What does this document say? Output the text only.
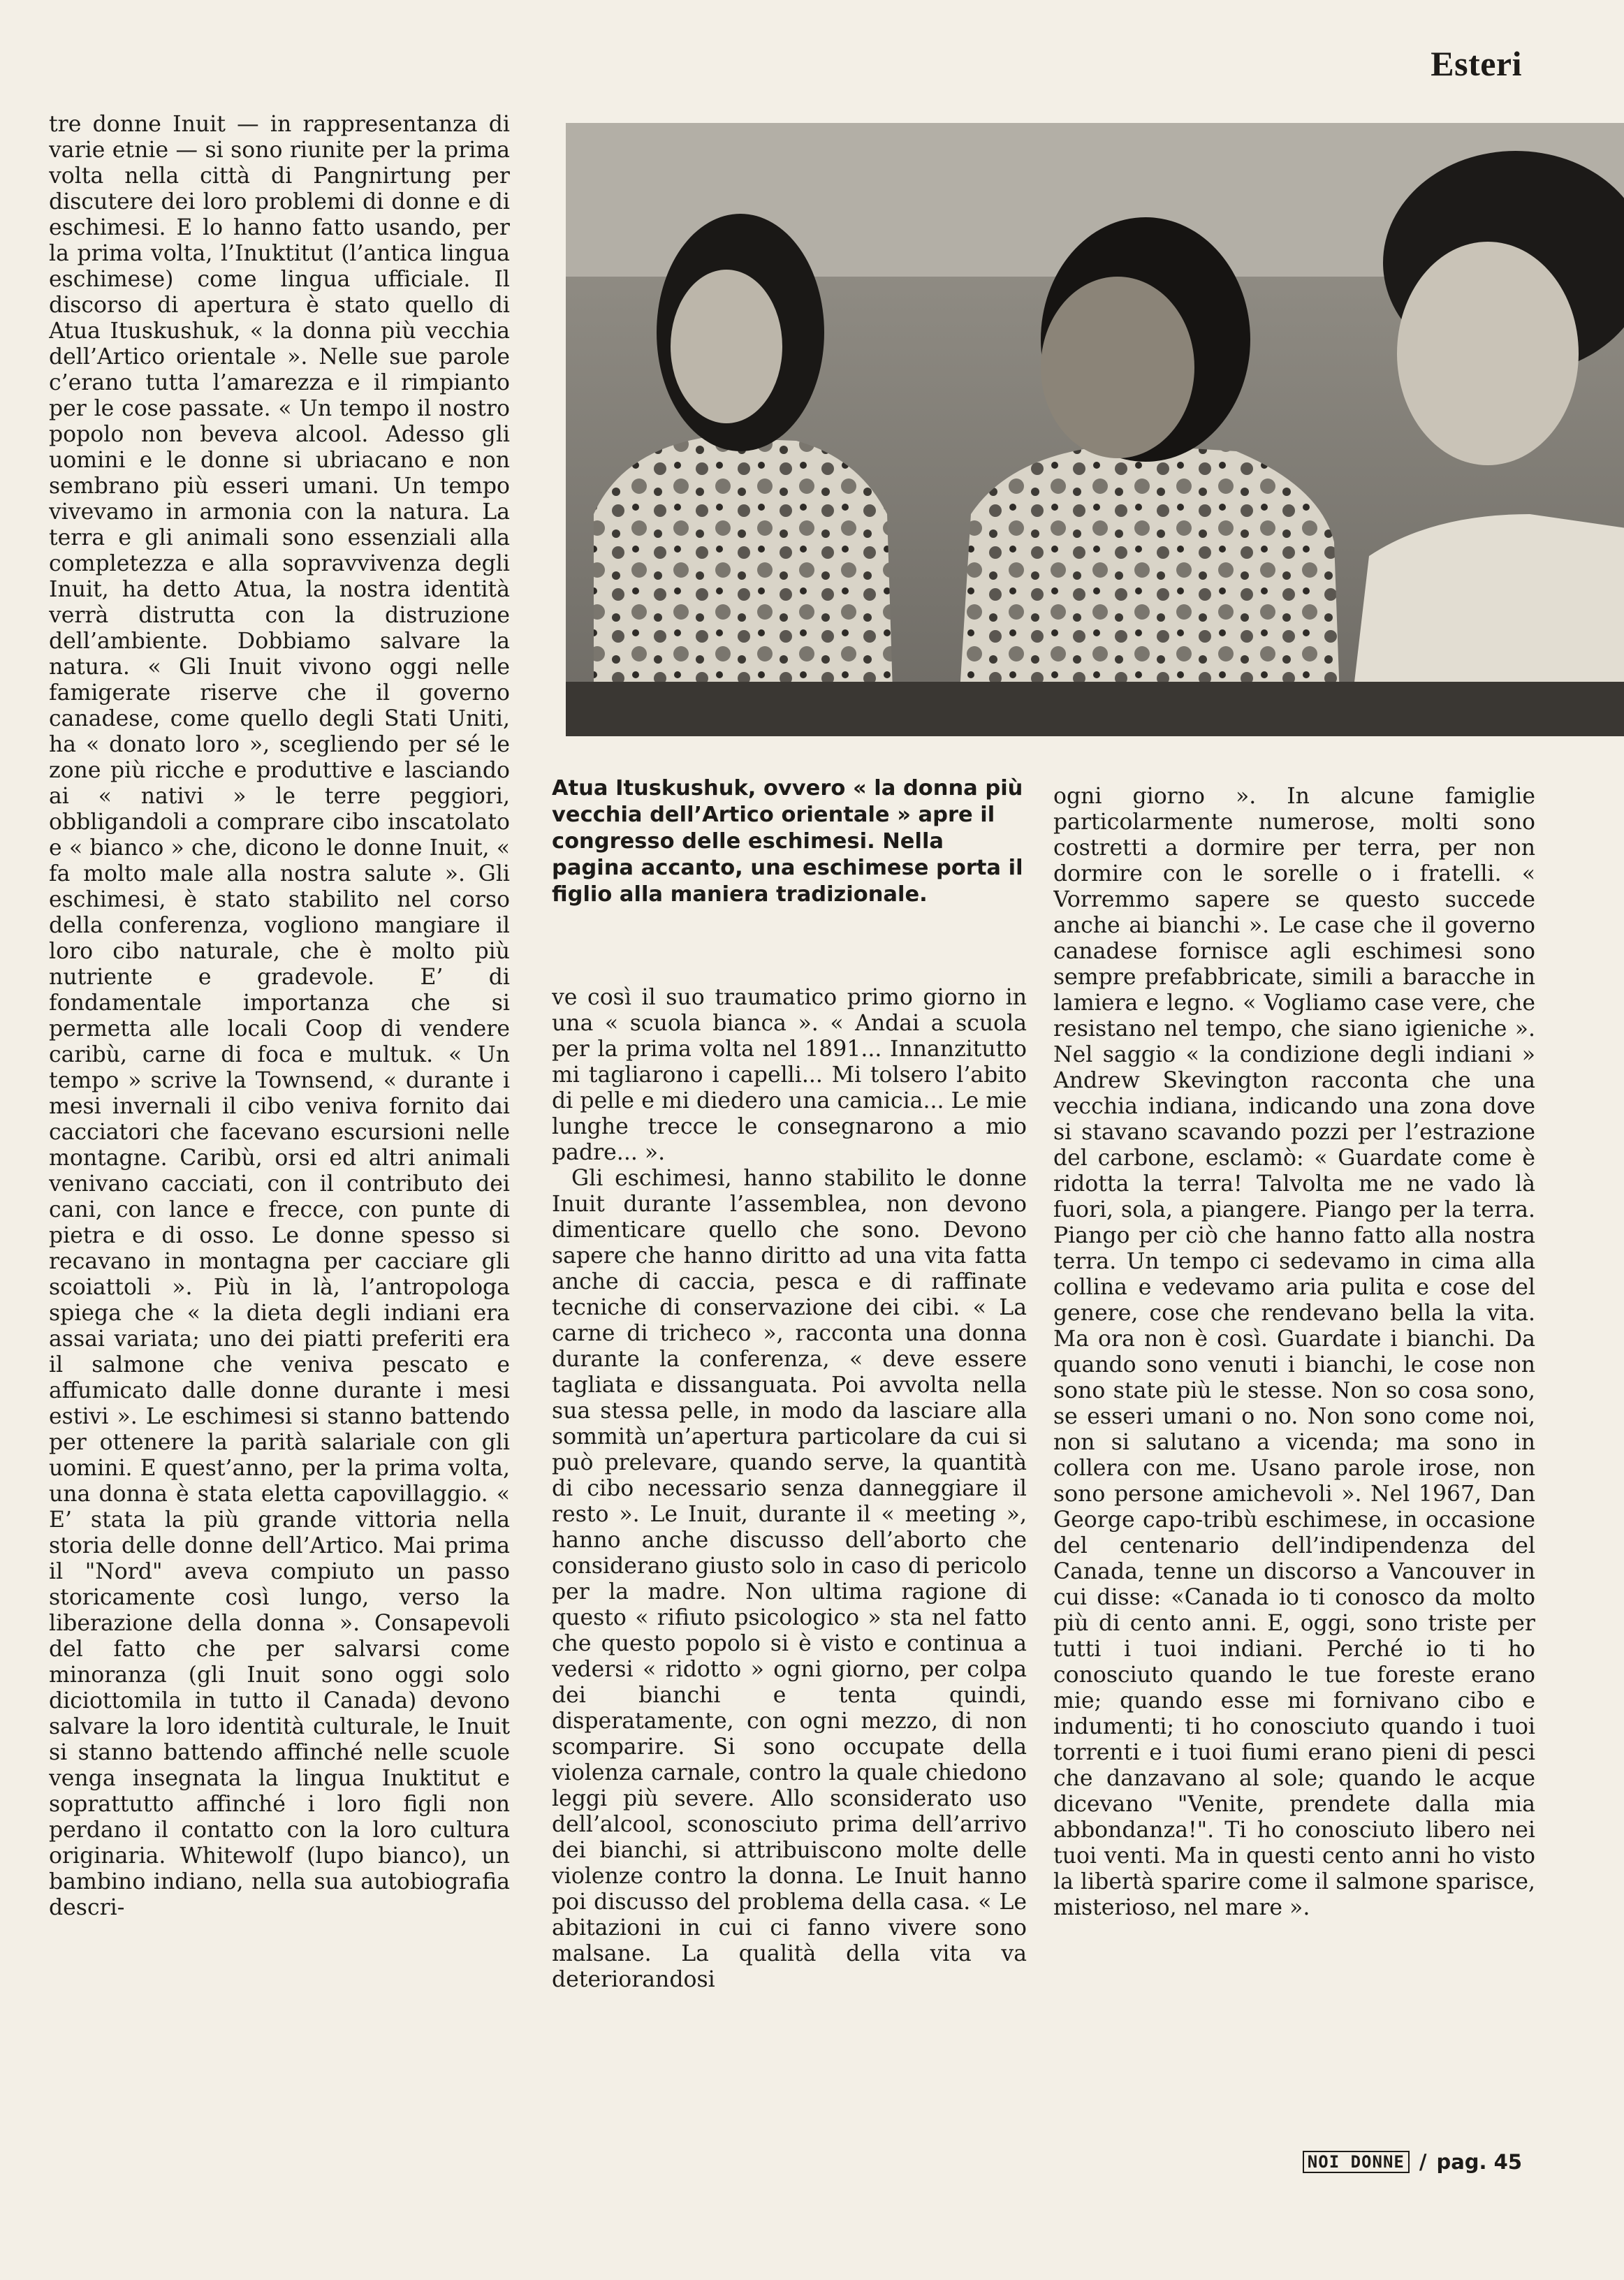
Esteri

tre donne Inuit — in rappresentanza di varie etnie — si sono riunite per la prima volta nella città di Pangnirtung per discutere dei loro problemi di donne e di eschimesi. E lo hanno fatto usando, per la prima volta, l’Inuktitut (l’antica lingua eschimese) come lingua ufficiale. Il discorso di apertura è stato quello di Atua Ituskushuk, « la donna più vecchia dell’Artico orientale ». Nelle sue parole c’erano tutta l’amarezza e il rimpianto per le cose passate. « Un tempo il nostro popolo non beveva alcool. Adesso gli uomini e le donne si ubriacano e non sembrano più esseri umani. Un tempo vivevamo in armonia con la natura. La terra e gli animali sono essenziali alla completezza e alla sopravvivenza degli Inuit, ha detto Atua, la nostra identità verrà distrutta con la distruzione dell’ambiente. Dobbiamo salvare la natura. « Gli Inuit vivono oggi nelle famigerate riserve che il governo canadese, come quello degli Stati Uniti, ha « donato loro », scegliendo per sé le zone più ricche e produttive e lasciando ai « nativi » le terre peggiori, obbligandoli a comprare cibo inscatolato e « bianco » che, dicono le donne Inuit, « fa molto male alla nostra salute ». Gli eschimesi, è stato stabilito nel corso della conferenza, vogliono mangiare il loro cibo naturale, che è molto più nutriente e gradevole. E’ di fondamentale importanza che si permetta alle locali Coop di vendere caribù, carne di foca e multuk. « Un tempo » scrive la Townsend, « durante i mesi invernali il cibo veniva fornito dai cacciatori che facevano escursioni nelle montagne. Caribù, orsi ed altri animali venivano cacciati, con il contributo dei cani, con lance e frecce, con punte di pietra e di osso. Le donne spesso si recavano in montagna per cacciare gli scoiattoli ». Più in là, l’antropologa spiega che « la dieta degli indiani era assai variata; uno dei piatti preferiti era il salmone che veniva pescato e affumicato dalle donne durante i mesi estivi ». Le eschimesi si stanno battendo per ottenere la parità salariale con gli uomini. E quest’anno, per la prima volta, una donna è stata eletta capovillaggio. « E’ stata la più grande vittoria nella storia delle donne dell’Artico. Mai prima il "Nord" aveva compiuto un passo storicamente così lungo, verso la liberazione della donna ». Consapevoli del fatto che per salvarsi come minoranza (gli Inuit sono oggi solo diciottomila in tutto il Canada) devono salvare la loro identità culturale, le Inuit si stanno battendo affinché nelle scuole venga insegnata la lingua Inuktitut e soprattutto affinché i loro figli non perdano il contatto con la loro cultura originaria. Whitewolf (lupo bianco), un bambino indiano, nella sua autobiografia descri-

Atua Ituskushuk, ovvero « la donna più vecchia dell’Artico orientale » apre il congresso delle eschimesi. Nella pagina accanto, una eschimese porta il figlio alla maniera tradizionale.

ve così il suo traumatico primo giorno in una « scuola bianca ». « Andai a scuola per la prima volta nel 1891... Innanzitutto mi tagliarono i capelli... Mi tolsero l’abito di pelle e mi diedero una camicia... Le mie lunghe trecce le consegnarono a mio padre... ».

Gli eschimesi, hanno stabilito le donne Inuit durante l’assemblea, non devono dimenticare quello che sono. Devono sapere che hanno diritto ad una vita fatta anche di caccia, pesca e di raffinate tecniche di conservazione dei cibi. « La carne di tricheco », racconta una donna durante la conferenza, « deve essere tagliata e dissanguata. Poi avvolta nella sua stessa pelle, in modo da lasciare alla sommità un’apertura particolare da cui si può prelevare, quando serve, la quantità di cibo necessario senza danneggiare il resto ». Le Inuit, durante il « meeting », hanno anche discusso dell’aborto che considerano giusto solo in caso di pericolo per la madre. Non ultima ragione di questo « rifiuto psicologico » sta nel fatto che questo popolo si è visto e continua a vedersi « ridotto » ogni giorno, per colpa dei bianchi e tenta quindi, disperatamente, con ogni mezzo, di non scomparire. Si sono occupate della violenza carnale, contro la quale chiedono leggi più severe. Allo sconsiderato uso dell’alcool, sconosciuto prima dell’arrivo dei bianchi, si attribuiscono molte delle violenze contro la donna. Le Inuit hanno poi discusso del problema della casa. « Le abitazioni in cui ci fanno vivere sono malsane. La qualità della vita va deteriorandosi

ogni giorno ». In alcune famiglie particolarmente numerose, molti sono costretti a dormire per terra, per non dormire con le sorelle o i fratelli. « Vorremmo sapere se questo succede anche ai bianchi ». Le case che il governo canadese fornisce agli eschimesi sono sempre prefabbricate, simili a baracche in lamiera e legno. « Vogliamo case vere, che resistano nel tempo, che siano igieniche ». Nel saggio « la condizione degli indiani » Andrew Skevington racconta che una vecchia indiana, indicando una zona dove si stavano scavando pozzi per l’estrazione del carbone, esclamò: « Guardate come è ridotta la terra! Talvolta me ne vado là fuori, sola, a piangere. Piango per la terra. Piango per ciò che hanno fatto alla nostra terra. Un tempo ci sedevamo in cima alla collina e vedevamo aria pulita e cose del genere, cose che rendevano bella la vita. Ma ora non è così. Guardate i bianchi. Da quando sono venuti i bianchi, le cose non sono state più le stesse. Non so cosa sono, se esseri umani o no. Non sono come noi, non si salutano a vicenda; ma sono in collera con me. Usano parole irose, non sono persone amichevoli ». Nel 1967, Dan George capo-tribù eschimese, in occasione del centenario dell’indipendenza del Canada, tenne un discorso a Vancouver in cui disse: «Canada io ti conosco da molto più di cento anni. E, oggi, sono triste per tutti i tuoi indiani. Perché io ti ho conosciuto quando le tue foreste erano mie; quando esse mi fornivano cibo e indumenti; ti ho conosciuto quando i tuoi torrenti e i tuoi fiumi erano pieni di pesci che danzavano al sole; quando le acque dicevano "Venite, prendete dalla mia abbondanza!". Ti ho conosciuto libero nei tuoi venti. Ma in questi cento anni ho visto la libertà sparire come il salmone sparisce, misterioso, nel mare ».

NOI DONNE / pag. 45
